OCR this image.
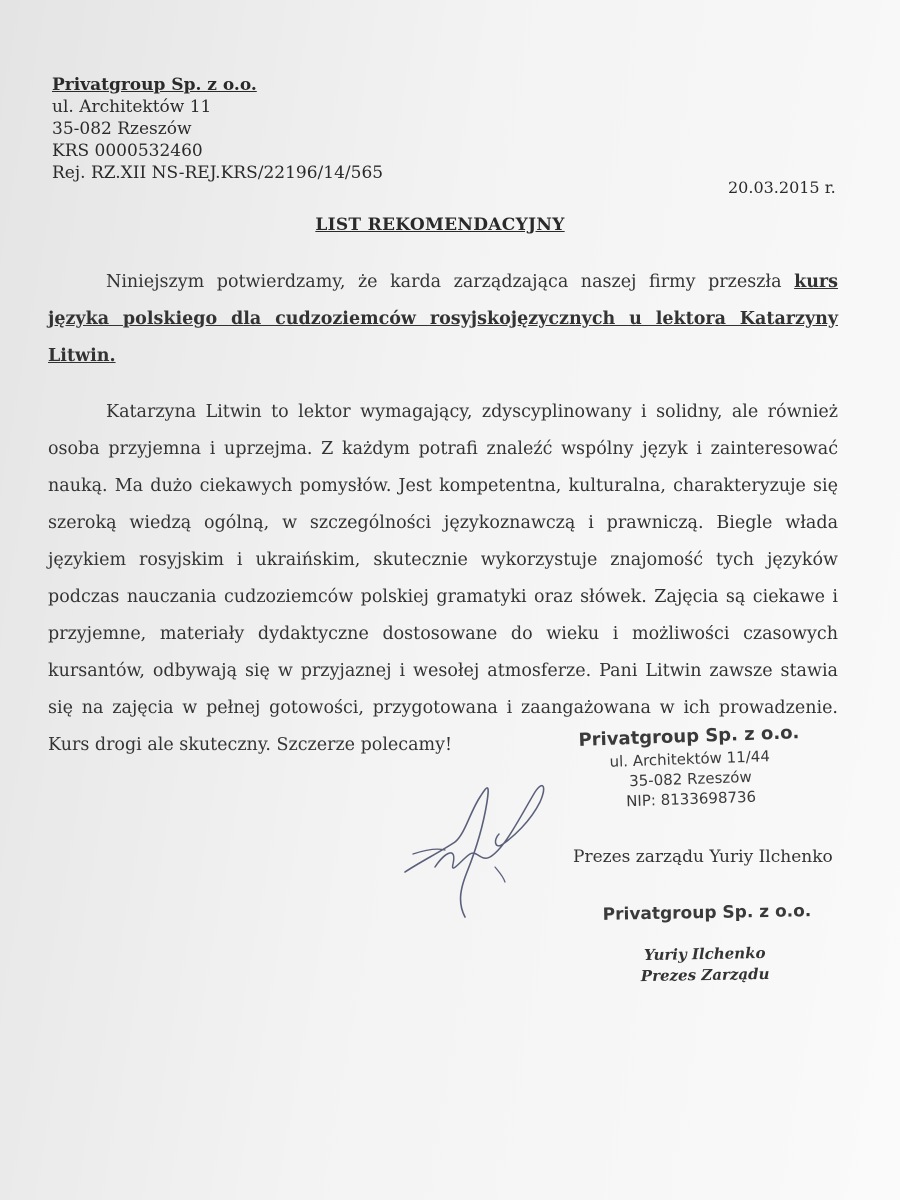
Privatgroup Sp. z o.o.
ul. Architektów 11
35-082 Rzeszów
KRS 0000532460
Rej. RZ.XII NS-REJ.KRS/22196/14/565
20.03.2015 r.
LIST REKOMENDACYJNY

Niniejszym potwierdzamy, że karda zarządzająca naszej firmy przeszła kurs języka polskiego dla cudzoziemców rosyjskojęzycznych u lektora Katarzyny Litwin.

Katarzyna Litwin to lektor wymagający, zdyscyplinowany i solidny, ale również osoba przyjemna i uprzejma. Z każdym potrafi znaleźć wspólny język i zainteresować nauką. Ma dużo ciekawych pomysłów. Jest kompetentna, kulturalna, charakteryzuje się szeroką wiedzą ogólną, w szczególności językoznawczą i prawniczą. Biegle włada językiem rosyjskim i ukraińskim, skutecznie wykorzystuje znajomość tych języków podczas nauczania cudzoziemców polskiej gramatyki oraz słówek. Zajęcia są ciekawe i przyjemne, materiały dydaktyczne dostosowane do wieku i możliwości czasowych kursantów, odbywają się w przyjaznej i wesołej atmosferze. Pani Litwin zawsze stawia się na zajęcia w pełnej gotowości, przygotowana i zaangażowana w ich prowadzenie. Kurs drogi ale skuteczny. Szczerze polecamy!	Privatgroup Sp. z o.o.
ul. Architektów 11/44
35-082 Rzeszów
NIP: 8133698736
Prezes zarządu Yuriy Ilchenko
Privatgroup Sp. z o.o.
Yuriy Ilchenko
Prezes Zarządu
